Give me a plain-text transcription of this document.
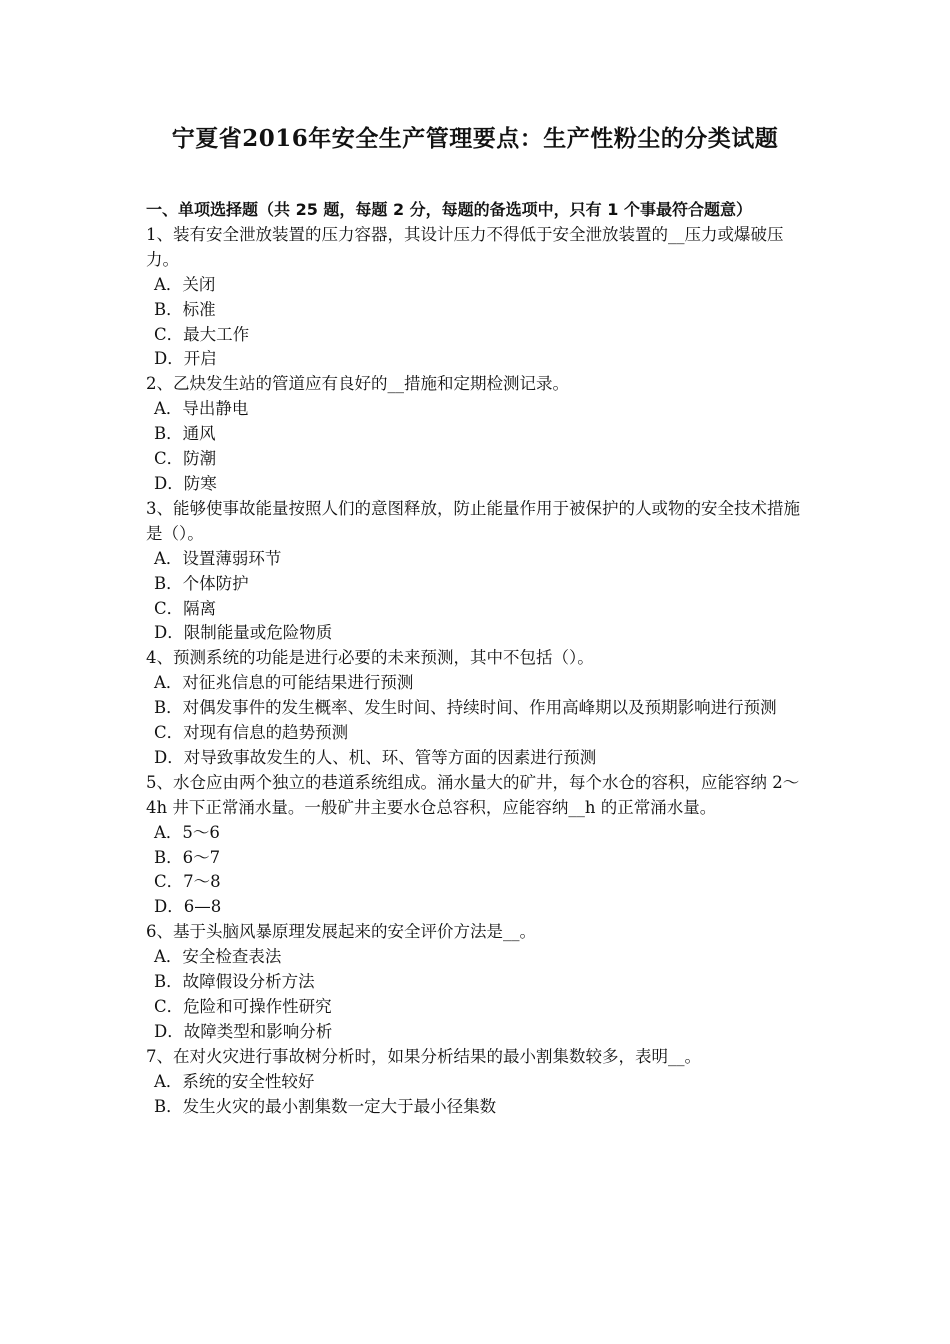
宁夏省2016年安全生产管理要点：生产性粉尘的分类试题
一、单项选择题（共 25 题，每题 2 分，每题的备选项中，只有 1 个事最符合题意）
1、装有安全泄放装置的压力容器，其设计压力不得低于安全泄放装置的__压力或爆破压力。
A．关闭
B．标准
C．最大工作
D．开启
2、乙炔发生站的管道应有良好的__措施和定期检测记录。
A．导出静电
B．通风
C．防潮
D．防寒
3、能够使事故能量按照人们的意图释放，防止能量作用于被保护的人或物的安全技术措施是（）。
A．设置薄弱环节
B．个体防护
C．隔离
D．限制能量或危险物质
4、预测系统的功能是进行必要的未来预测，其中不包括（）。
A．对征兆信息的可能结果进行预测
B．对偶发事件的发生概率、发生时间、持续时间、作用高峰期以及预期影响进行预测
C．对现有信息的趋势预测
D．对导致事故发生的人、机、环、管等方面的因素进行预测
5、水仓应由两个独立的巷道系统组成。涌水量大的矿井，每个水仓的容积，应能容纳 2～4h 井下正常涌水量。一般矿井主要水仓总容积，应能容纳__h 的正常涌水量。
A．5～6
B．6～7
C．7～8
D．6—8
6、基于头脑风暴原理发展起来的安全评价方法是__。
A．安全检查表法
B．故障假设分析方法
C．危险和可操作性研究
D．故障类型和影响分析
7、在对火灾进行事故树分析时，如果分析结果的最小割集数较多，表明__。
A．系统的安全性较好
B．发生火灾的最小割集数一定大于最小径集数
